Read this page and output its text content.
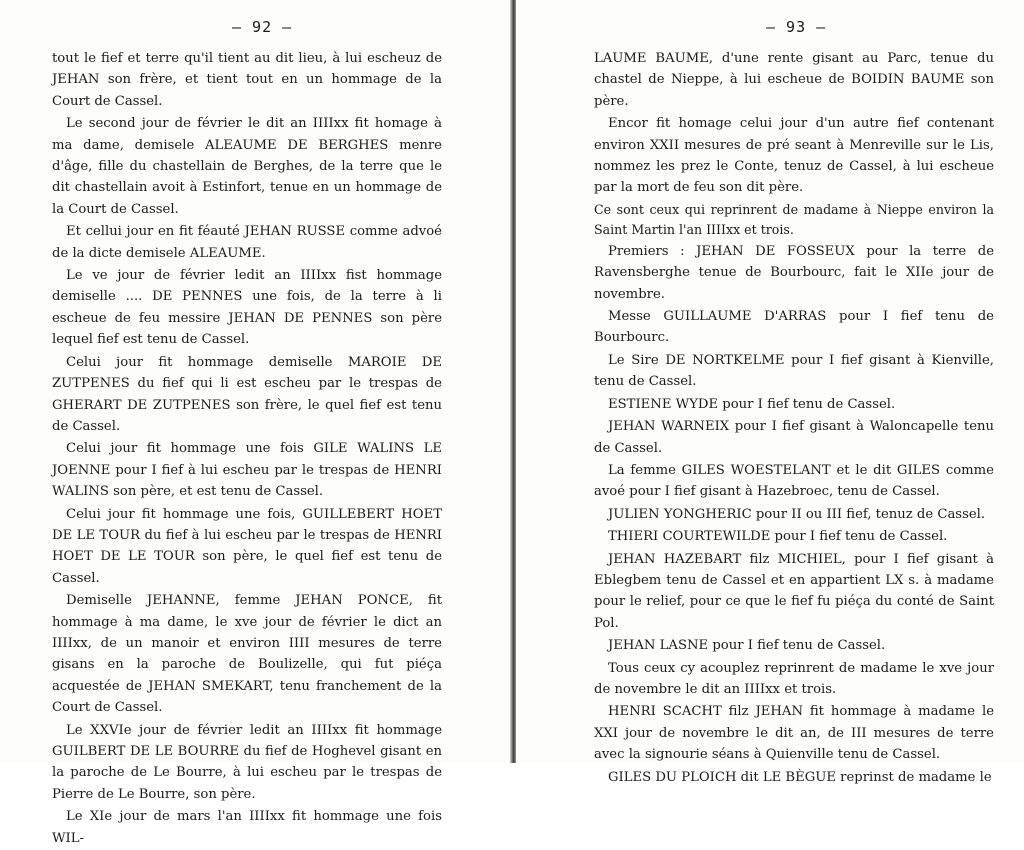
— 92 —

tout le fief et terre qu'il tient au dit lieu, à lui escheuz de JEHAN son frère, et tient tout en un hommage de la Court de Cassel.

Le second jour de février le dit an IIIIxx fit homage à ma dame, demisele ALEAUME DE BERGHES menre d'âge, fille du chastellain de Berghes, de la terre que le dit chastellain avoit à Estinfort, tenue en un hommage de la Court de Cassel.

Et cellui jour en fit féauté JEHAN RUSSE comme advoé de la dicte demisele ALEAUME.

Le ve jour de février ledit an IIIIxx fist hommage demiselle .... DE PENNES une fois, de la terre à li escheue de feu messire JEHAN DE PENNES son père lequel fief est tenu de Cassel.

Celui jour fit hommage demiselle MAROIE DE ZUTPENES du fief qui li est escheu par le trespas de GHERART DE ZUTPENES son frère, le quel fief est tenu de Cassel.

Celui jour fit hommage une fois GILE WALINS LE JOENNE pour I fief à lui escheu par le trespas de HENRI WALINS son père, et est tenu de Cassel.

Celui jour fit hommage une fois, GUILLEBERT HOET DE LE TOUR du fief à lui escheu par le trespas de HENRI HOET DE LE TOUR son père, le quel fief est tenu de Cassel.

Demiselle JEHANNE, femme JEHAN PONCE, fit hommage à ma dame, le xve jour de février le dict an IIIIxx, de un manoir et environ IIII mesures de terre gisans en la paroche de Boulizelle, qui fut piéça acquestée de JEHAN SMEKART, tenu franchement de la Court de Cassel.

Le XXVIe jour de février ledit an IIIIxx fit hommage GUILBERT DE LE BOURRE du fief de Hoghevel gisant en la paroche de Le Bourre, à lui escheu par le trespas de Pierre de Le Bourre, son père.

Le XIe jour de mars l'an IIIIxx fit hommage une fois WIL-

— 93 —

LAUME BAUME, d'une rente gisant au Parc, tenue du chastel de Nieppe, à lui escheue de BOIDIN BAUME son père.

Encor fit homage celui jour d'un autre fief contenant environ XXII mesures de pré seant à Menreville sur le Lis, nommez les prez le Conte, tenuz de Cassel, à lui escheue par la mort de feu son dit père.

Ce sont ceux qui reprinrent de madame à Nieppe environ la Saint Martin l'an IIIIxx et trois.

Premiers : JEHAN DE FOSSEUX pour la terre de Ravensberghe tenue de Bourbourc, fait le XIIe jour de novembre.

Messe GUILLAUME D'ARRAS pour I fief tenu de Bourbourc.

Le Sire DE NORTKELME pour I fief gisant à Kienville, tenu de Cassel.

ESTIENE WYDE pour I fief tenu de Cassel.

JEHAN WARNEIX pour I fief gisant à Waloncapelle tenu de Cassel.

La femme GILES WOESTELANT et le dit GILES comme avoé pour I fief gisant à Hazebroec, tenu de Cassel.

JULIEN YONGHERIC pour II ou III fief, tenuz de Cassel.

THIERI COURTEWILDE pour I fief tenu de Cassel.

JEHAN HAZEBART filz MICHIEL, pour I fief gisant à Eblegbem tenu de Cassel et en appartient LX s. à madame pour le relief, pour ce que le fief fu piéça du conté de Saint Pol.

JEHAN LASNE pour I fief tenu de Cassel.

Tous ceux cy acouplez reprinrent de madame le xve jour de novembre le dit an IIIIxx et trois.

HENRI SCACHT filz JEHAN fit hommage à madame le XXI jour de novembre le dit an, de III mesures de terre avec la signourie séans à Quienville tenu de Cassel.

GILES DU PLOICH dit LE BÈGUE reprinst de madame le
